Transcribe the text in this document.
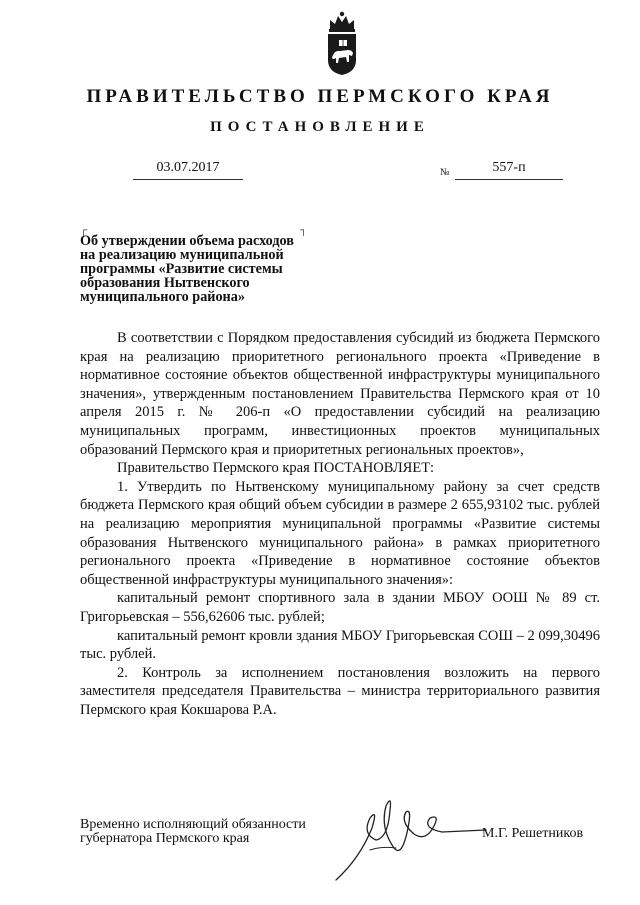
ПРАВИТЕЛЬСТВО ПЕРМСКОГО КРАЯ
ПОСТАНОВЛЕНИЕ
03.07.2017	№	557-п
┌	┐
Об утверждении объема расходов
на реализацию муниципальной
программы «Развитие системы
образования Нытвенского
муниципального района»

В соответствии с Порядком предоставления субсидий из бюджета Пермского края на реализацию приоритетного регионального проекта «Приведение в нормативное состояние объектов общественной инфраструктуры муниципального значения», утвержденным постановлением Правительства Пермского края от 10 апреля 2015 г. № 206-п «О предоставлении субсидий на реализацию муниципальных программ, инвестиционных проектов муниципальных образований Пермского края и приоритетных региональных проектов»,

Правительство Пермского края ПОСТАНОВЛЯЕТ:

1. Утвердить по Нытвенскому муниципальному району за счет средств бюджета Пермского края общий объем субсидии в размере 2 655,93102 тыс. рублей на реализацию мероприятия муниципальной программы «Развитие системы образования Нытвенского муниципального района» в рамках приоритетного регионального проекта «Приведение в нормативное состояние объектов общественной инфраструктуры муниципального значения»:

капитальный ремонт спортивного зала в здании МБОУ ООШ № 89 ст. Григорьевская – 556,62606 тыс. рублей;

капитальный ремонт кровли здания МБОУ Григорьевская СОШ – 2 099,30496 тыс. рублей.

2. Контроль за исполнением постановления возложить на первого заместителя председателя Правительства – министра территориального развития Пермского края Кокшарова Р.А.

Временно исполняющий обязанности
губернатора Пермского края	М.Г. Решетников
